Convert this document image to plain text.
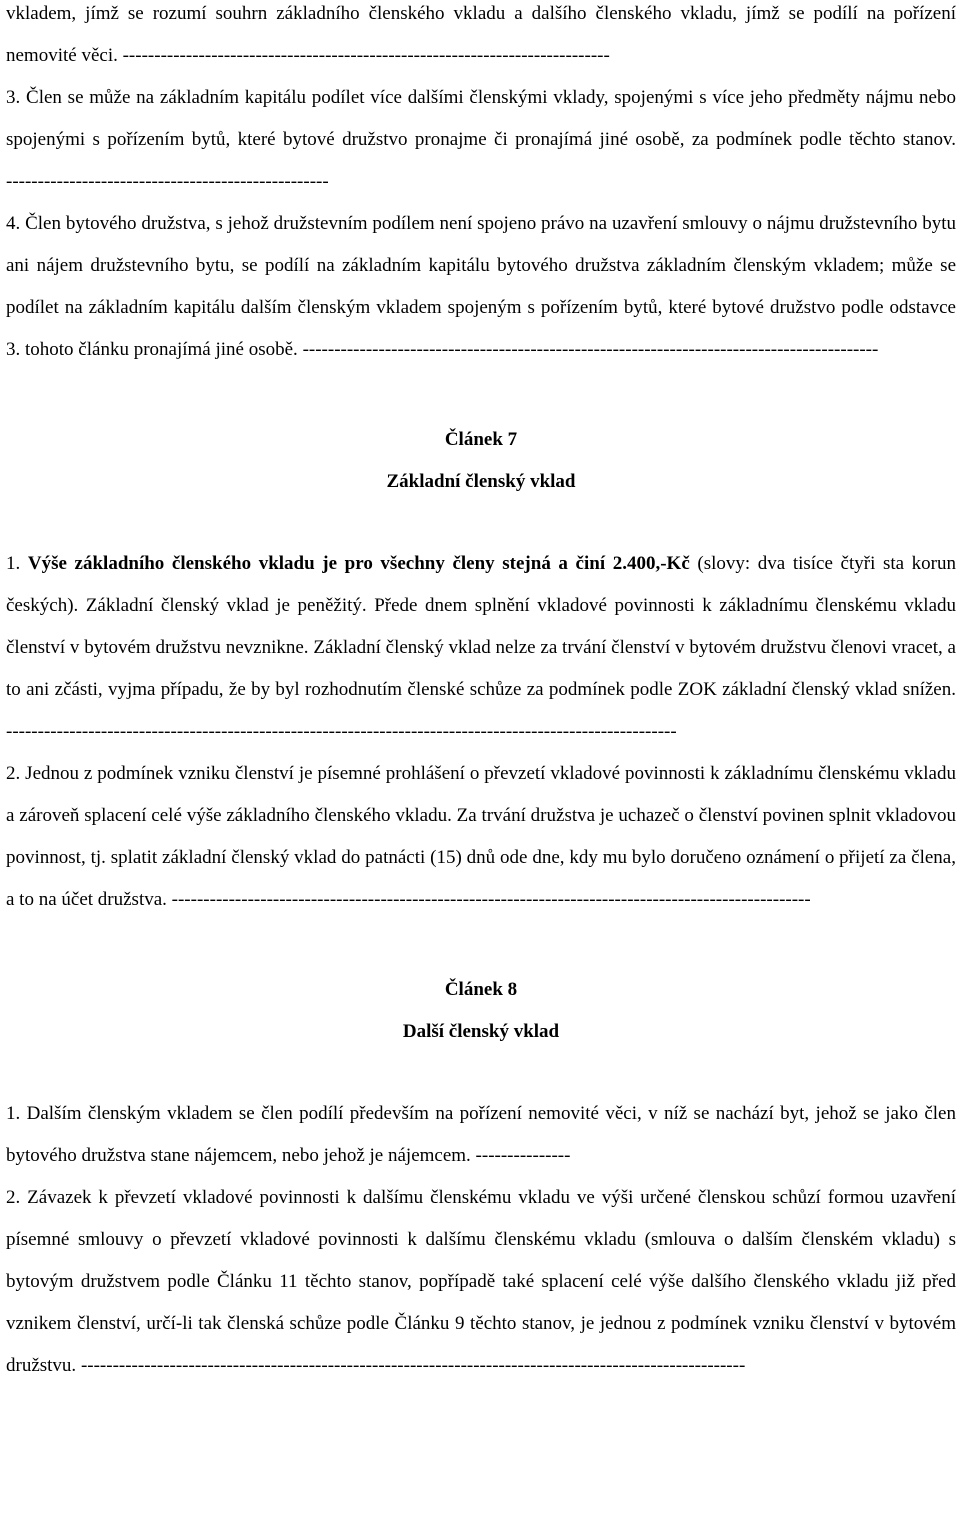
vkladem, jímž se rozumí souhrn základního členského vkladu a dalšího členského vkladu, jímž se podílí na pořízení nemovité věci. -----------------------------------------------------------------------------

3. Člen se může na základním kapitálu podílet více dalšími členskými vklady, spojenými s více jeho předměty nájmu nebo spojenými s pořízením bytů, které bytové družstvo pronajme či pronajímá jiné osobě, za podmínek podle těchto stanov. ---------------------------------------------------

4. Člen bytového družstva, s jehož družstevním podílem není spojeno právo na uzavření smlouvy o nájmu družstevního bytu ani nájem družstevního bytu, se podílí na základním kapitálu bytového družstva základním členským vkladem; může se podílet na základním kapitálu dalším členským vkladem spojeným s pořízením bytů, které bytové družstvo podle odstavce 3. tohoto článku pronajímá jiné osobě. -------------------------------------------------------------------------------------------

Článek 7
Základní členský vklad

1. Výše základního členského vkladu je pro všechny členy stejná a činí 2.400,-Kč (slovy: dva tisíce čtyři sta korun českých). Základní členský vklad je peněžitý. Přede dnem splnění vkladové povinnosti k základnímu členskému vkladu členství v bytovém družstvu nevznikne. Základní členský vklad nelze za trvání členství v bytovém družstvu členovi vracet, a to ani zčásti, vyjma případu, že by byl rozhodnutím členské schůze za podmínek podle ZOK základní členský vklad snížen. ----------------------------------------------------------------------------------------------------------

2. Jednou z podmínek vzniku členství je písemné prohlášení o převzetí vkladové povinnosti k základnímu členskému vkladu a zároveň splacení celé výše základního členského vkladu. Za trvání družstva je uchazeč o členství povinen splnit vkladovou povinnost, tj. splatit základní členský vklad do patnácti (15) dnů ode dne, kdy mu bylo doručeno oznámení o přijetí za člena, a to na účet družstva. -----------------------------------------------------------------------------------------------------

Článek 8
Další členský vklad

1. Dalším členským vkladem se člen podílí především na pořízení nemovité věci, v níž se nachází byt, jehož se jako člen bytového družstva stane nájemcem, nebo jehož je nájemcem. ---------------

2. Závazek k převzetí vkladové povinnosti k dalšímu členskému vkladu ve výši určené členskou schůzí formou uzavření písemné smlouvy o převzetí vkladové povinnosti k dalšímu členskému vkladu (smlouva o dalším členském vkladu) s bytovým družstvem podle Článku 11 těchto stanov, popřípadě také splacení celé výše dalšího členského vkladu již před vznikem členství, určí-li tak členská schůze podle Článku 9 těchto stanov, je jednou z podmínek vzniku členství v bytovém družstvu. ---------------------------------------------------------------------------------------------------------
